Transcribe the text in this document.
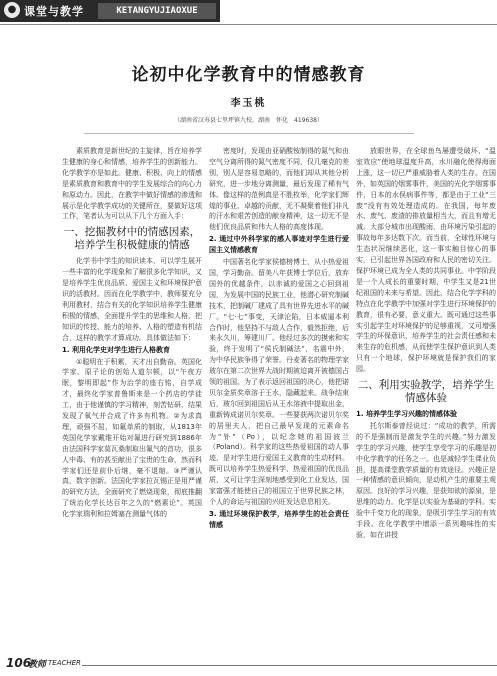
● 课堂与教学	KETANGYUJIAOXUE
论初中化学教育中的情感教育
李玉桃
（湖南省汉寿县七里坪镇九校，湖南　怀化　419638）

素质教育是新世纪的主旋律，旨在培养学生健康的身心和情感，培养学生的创新能力。化学教学亦是如此。健康、积极、向上的情感是素质教育和教育中的学生发展综合的向心力和原动力。因此，在教学中做好情感的渗透和展示是化学教学成功的关键所在，要做好这项工作，笔者认为可以从下几个方面入手：

一、挖掘教材中的情感因素，培养学生积极健康的情感

化学书中学生的知识读本，可以学生展开一些丰富的化学现象和了解很多化学知识，又是培养学生优良品质、爱国主义和环境保护意识的活教材。因而在化学教学中，教师要充分利用教材，结合有关的化学知识培养学生健康积极的情感，全面提升学生的思维和人格，把知识的传授、能力的培养、人格的塑造有机结合，这样的教学才算成功。具体做法如下：

1. 利用化学史对学生进行人格教育

①聪明在于积累，天才出自勤奋。英国化学家、原子论的创始人道尔顿，以“午夜方眠，黎明即起”作为治学的座右铭，自学成才，最终化学家普鲁斯来是一个药店的学徒工，由于他谨慎的学习精神，刻苦钻研，结果发现了氧气并合成了许多有机物。②为求真理，顽强不屈，如氟单质的制取，从1813年英国化学家戴维开始对氟进行研究到1886年由法国科学家莫瓦桑制取出氟气的首功，很多人中毒、有的甚至献出了宝贵的生命，然而科学家们还是前仆后继，毫不退缩。③严谨认真，数字创新。法国化学家拉瓦锡正是用严谨的研究方法，全面研究了燃烧现象，彻底推翻了统治化学长达百年之久的“燃素论”。英国化学家瑞利和拉姆塞在测量气体的

密度时，发现由亚硝酸铵制得的氮气和由空气分离所得的氮气密度不同，仅几毫克的差别，别人是容易忽略的，而他们却从其他分析研究，进一步地分离测量，最后发现了稀有气体。像这样的范例真是不胜枚举，化学家们辉煌的事业、卓越的贡献，无不凝聚着他们非凡的汗水和艰苦创造的献身精神，这一切无不是他们优良品质和伟大人格的高度体现。

2. 通过中外科学家的感人事迹对学生进行爱国主义情感教育

中国著名化学家侯德榜博士，从小热爱祖国，学习勤奋。留美八年获博士学位后，放弃国外的优越条件，以赤诚的爱国之心回到祖国，为发展中国的民族工业，他潜心研究制碱技术，把制碱厂建成了具有世界先进水平的碱厂。“七·七”事变，天津沦陷，日本威逼本利合作时，他坚持不与敌人合作，毅然拒绝，后来永久川，筹建川厂。他经过多次的摸索和实验，终于发明了“侯氏制碱法”，名震中外，为中华民族争得了荣誉。丹麦著名的物理学家玻尔在第二次世界大战时期被迫离开被德国占领的祖国。为了表示返回祖国的决心，他把诺贝尔金质奖章溶于王水，隐藏起来。战争结束后，玻尔回到祖国后从王水溶液中提取出金，重新铸成诺贝尔奖章。一些要获两次诺贝尔奖的居里夫人，把自己最早发现的元素命名为“钋”（Po），以纪念她的祖国波兰（Poland）。科学家的这些热爱祖国的动人事迹，是对学生进行爱国主义教育的生动材料。既可以培养学生热爱科学、热爱祖国的优良品质，又可让学生深刻地感受到化工业发达，国家富强才能使自己的祖国立于世界民族之林，个人的命运与祖国的兴旺发达息息相关。

3. 通过环境保护教学，培养学生的社会责任情感

放眼世界，在全球鱼鸟屡遭受破坏、“温室效应”使地球温度升高，水川融化使得海面上涨，这一切已严重威胁着人类的生存。在国外，如英国的烟雾事件，美国的光化学烟雾事件，日本的水俣病事件等，都是由于工业“三废”没有有效处理造成的。在我国，每年废水、废气、废渣的排放量相当大，而且有增无减。大部分城市出现酸雨，由环境污染引起的事故每年多达数下次。而当前，全球性环境与生态状况继续恶化，这一事实触目惊心的事实，已引起世界各国政府和人民的密切关注。保护环境已成为全人类的共同事业。中学阶段是一个人成长的重要时期，中学生又是21世纪祖国的未来与希望。因此，结合化学学科的特点在化学教学中加强对学生进行环境保护的教育，很有必要，意义重大。既可通过这些事实引起学生对环境保护的足够重视，又可增强学生的环保意识，培养学生的社会责任感和未来生存的危机感，从而使学生保护意识到人类只有一个地球，保护环境就是保护我们的家园。

二、利用实验教学，培养学生情感体验
1. 培养学生学习兴趣的情感体验

托尔斯泰曾经说过：“成功的教学，所需的不是强制而是激发学生的兴趣。”努力激发学生的学习兴趣，使学生享受学习的乐趣是初中化学教学的任务之一。也是减轻学生课业负担，提高课堂教学质量的有效途径。兴趣正是一种情感的意识倾向，是动机产生的重要主观原因。良好的学习兴趣，是获知欲的源泉，是思维的动力。化学是以实验为基础的学科。实验中千变万化的现象，是吸引学生学习的有效手段。在化学教学中增添一系列趣味性的实验，如在讲授

106
教师 TEACHER
